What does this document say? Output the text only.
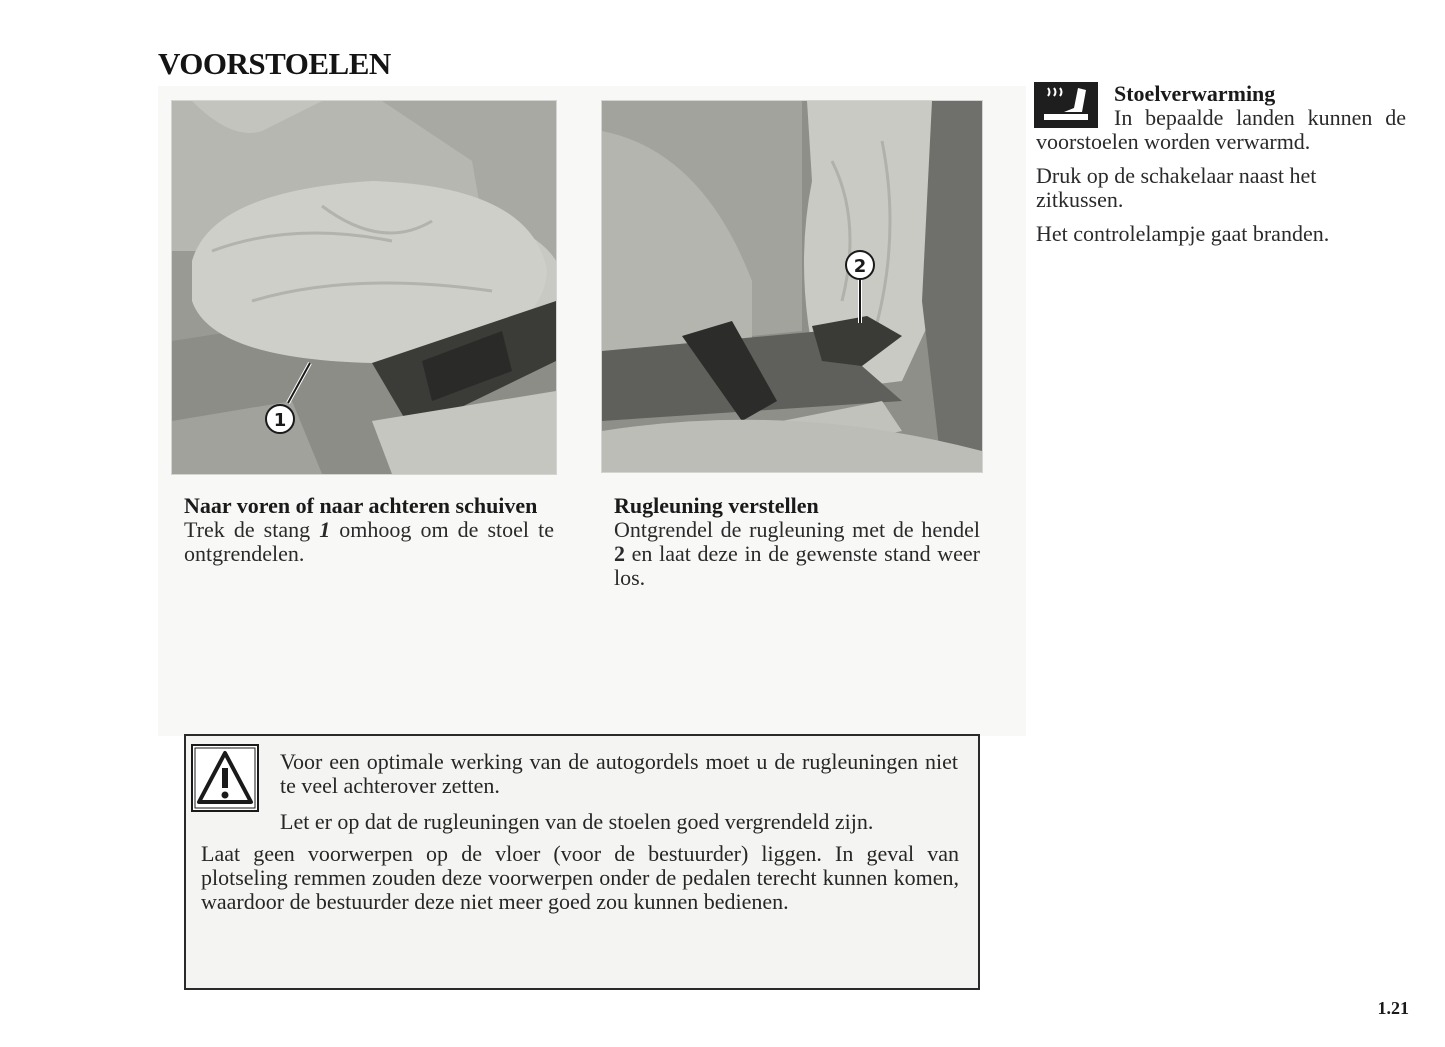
VOORSTOELEN
1
2
Naar voren of naar achteren schuiven

Trek de stang 1 omhoog om de stoel te ontgrendelen.

Rugleuning verstellen

Ontgrendel de rugleuning met de hendel 2 en laat deze in de gewenste stand weer los.

Voor een optimale werking van de autogordels moet u de rugleuningen niet te veel achterover zetten.

Let er op dat de rugleuningen van de stoelen goed vergrendeld zijn.

Laat geen voorwerpen op de vloer (voor de bestuurder) liggen. In geval van plotseling remmen zouden deze voorwerpen onder de pedalen terecht kunnen komen, waardoor de bestuurder deze niet meer goed zou kunnen bedienen.

Stoelverwarming

In bepaalde landen kunnen de voorstoelen worden verwarmd.

Druk op de schakelaar naast het zitkussen.

Het controlelampje gaat branden.

1.21
